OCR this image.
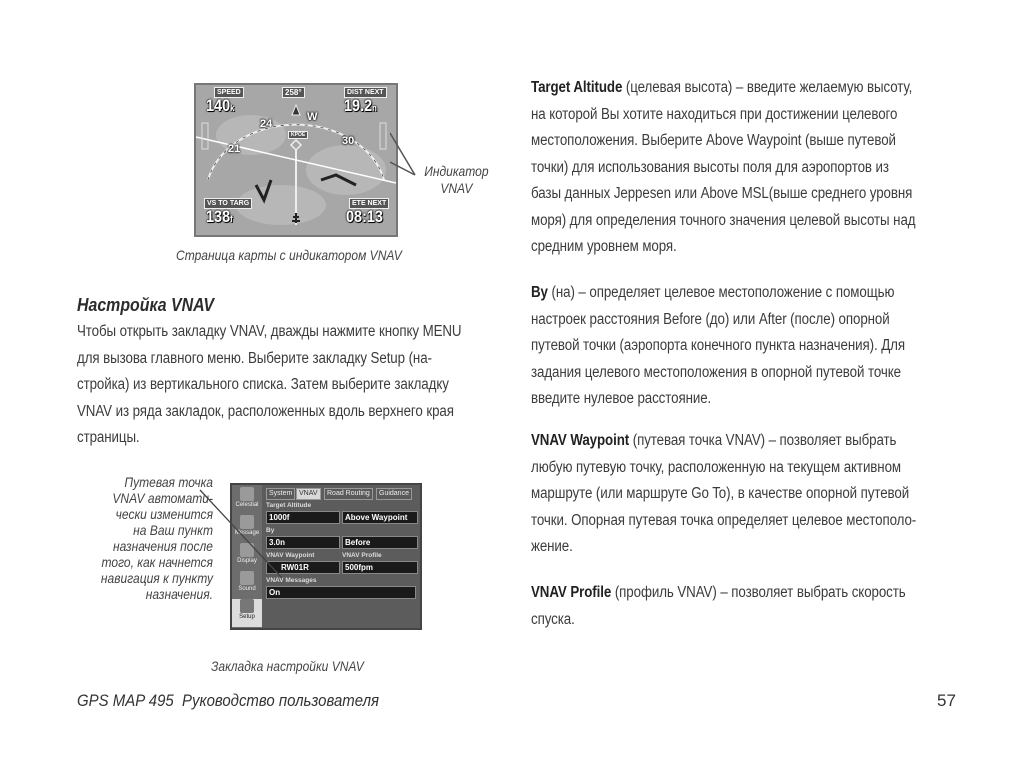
SPEED
140k
258°	DIST NEXT
19.2n
21
24
W
30
KPOE
VS TO TARG
138f
ETE NEXT
08:13
Индикатор VNAV
Страница карты с индикатором VNAV
Настройка VNAV
Чтобы открыть закладку VNAV, дважды нажмите кнопку MENU
для вызова главного меню. Выберите закладку Setup (на-
стройка) из вертикального списка. Затем выберите закладку
VNAV из ряда закладок, расположенных вдоль верхнего края
страницы.
Путевая точка
VNAV автомати-
чески изменится
на Ваш пункт
назначения после
того, как начнется
навигация к пункту
назначения.
Celestial
Message
Display
Sound
Setup
System VNAV	Road Routing	Guidance
Target Altitude
1000f	Above Waypoint
By
3.0n	Before
VNAV Waypoint	VNAV Profile
RW01R	500fpm
VNAV Messages
On
Закладка настройки VNAV
Target Altitude (целевая высота) – введите желаемую высоту,
на которой Вы хотите находиться при достижении целевого
местоположения. Выберите Above Waypoint (выше путевой
точки) для использования высоты поля для аэропортов из
базы данных Jeppesen или Above MSL(выше среднего уровня
моря) для определения точного значения целевой высоты над
средним уровнем моря.
By (на) – определяет целевое местоположение с помощью
настроек расстояния Before (до) или After (после) опорной
путевой точки (аэропорта конечного пункта назначения). Для
задания целевого местоположения в опорной путевой точке
введите нулевое расстояние.
VNAV Waypoint (путевая точка VNAV) – позволяет выбрать
любую путевую точку, расположенную на текущем активном
маршруте (или маршруте Go To), в качестве опорной путевой
точки. Опорная путевая точка определяет целевое местополо-
жение.
VNAV Profile (профиль VNAV) – позволяет выбрать скорость
спуска.
GPS MAP 495  Руководство пользователя	57
